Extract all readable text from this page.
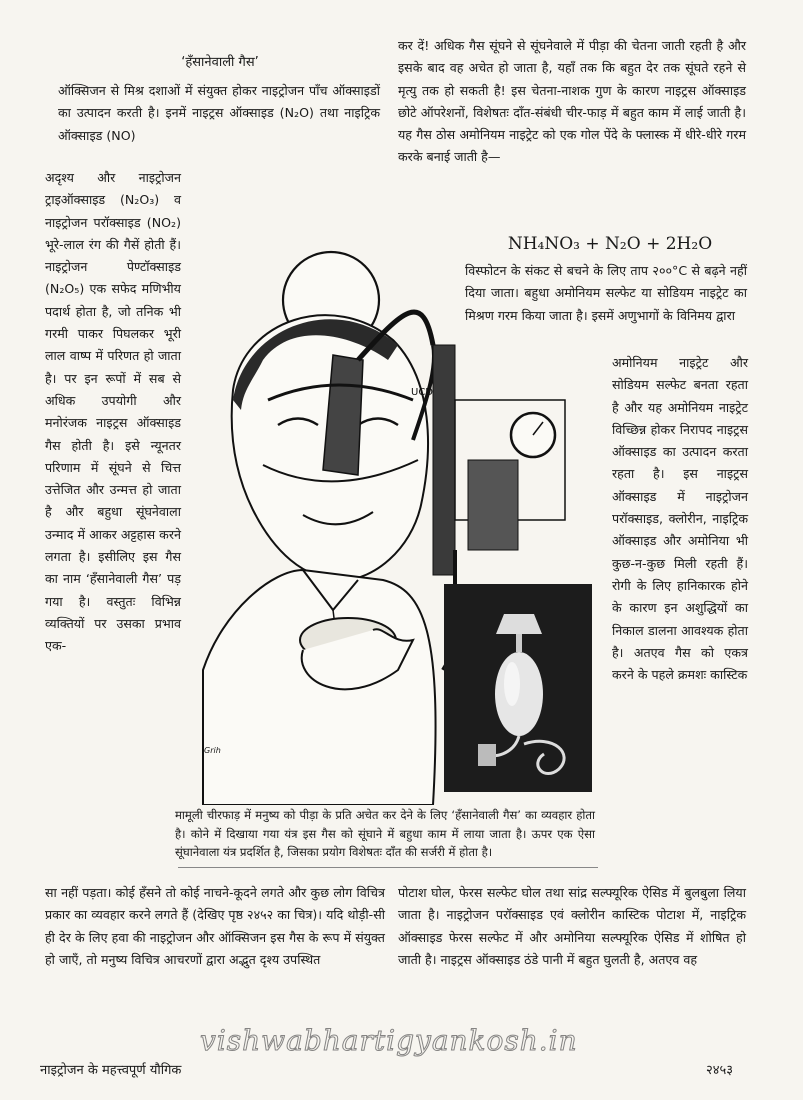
‘हँसानेवाली गैस’

ऑक्सिजन से मिश्र दशाओं में संयुक्त होकर नाइट्रोजन पाँच ऑक्साइडों का उत्पादन करती है। इनमें नाइट्रस ऑक्साइड (N₂O) तथा नाइट्रिक ऑक्साइड (NO)

अदृश्य और नाइट्रोजन ट्राइऑक्साइड (N₂O₃) व नाइट्रोजन परॉक्साइड (NO₂) भूरे-लाल रंग की गैसें होती हैं। नाइट्रोजन पेण्टॉक्साइड (N₂O₅) एक सफेद मणिभीय पदार्थ होता है, जो तनिक भी गरमी पाकर पिघलकर भूरी लाल वाष्प में परिणत हो जाता है। पर इन रूपों में सब से अधिक उपयोगी और मनोरंजक नाइट्रस ऑक्साइड गैस होती है। इसे न्यूनतर परिणाम में सूंघने से चित्त उत्तेजित और उन्मत्त हो जाता है और बहुधा सूंघनेवाला उन्माद में आकर अट्टहास करने लगता है। इसीलिए इस गैस का नाम ‘हँसानेवाली गैस’ पड़ गया है। वस्तुतः विभिन्न व्यक्तियों पर उसका प्रभाव एक-

कर दें! अधिक गैस सूंघने से सूंघनेवाले में पीड़ा की चेतना जाती रहती है और इसके बाद वह अचेत हो जाता है, यहाँ तक कि बहुत देर तक सूंघते रहने से मृत्यु तक हो सकती है! इस चेतना-नाशक गुण के कारण नाइट्रस ऑक्साइड छोटे ऑपरेशनों, विशेषतः दाँत-संबंधी चीर-फाड़ में बहुत काम में लाई जाती है। यह गैस ठोस अमोनियम नाइट्रेट को एक गोल पेंदे के फ्लास्क में धीरे-धीरे गरम करके बनाई जाती है—

NH₄NO₃ + N₂O + 2H₂O

विस्फोटन के संकट से बचने के लिए ताप २००°C से बढ़ने नहीं दिया जाता। बहुधा अमोनियम सल्फेट या सोडियम नाइट्रेट का मिश्रण गरम किया जाता है। इसमें अणुभागों के विनिमय द्वारा

अमोनियम नाइट्रेट और सोडियम सल्फेट बनता रहता है और यह अमोनियम नाइट्रेट विच्छिन्न होकर निरापद नाइट्रस ऑक्साइड का उत्पादन करता रहता है। इस नाइट्रस ऑक्साइड में नाइट्रोजन परॉक्साइड, क्लोरीन, नाइट्रिक ऑक्साइड और अमोनिया भी कुछ-न-कुछ मिली रहती हैं। रोगी के लिए हानिकारक होने के कारण इन अशुद्धियों का निकाल डालना आवश्यक होता है। अतएव गैस को एकत्र करने के पहले क्रमशः कास्टिक

UCD
Grih
मामूली चीरफाड़ में मनुष्य को पीड़ा के प्रति अचेत कर देने के लिए ‘हँसानेवाली गैस’ का व्यवहार होता है। कोने में दिखाया गया यंत्र इस गैस को सूंघाने में बहुधा काम में लाया जाता है। ऊपर एक ऐसा सूंघानेवाला यंत्र प्रदर्शित है, जिसका प्रयोग विशेषतः दाँत की सर्जरी में होता है।

सा नहीं पड़ता। कोई हँसने तो कोई नाचने-कूदने लगते और कुछ लोग विचित्र प्रकार का व्यवहार करने लगते हैं (देखिए पृष्ठ २४५२ का चित्र)। यदि थोड़ी-सी ही देर के लिए हवा की नाइट्रोजन और ऑक्सिजन इस गैस के रूप में संयुक्त हो जाएँ, तो मनुष्य विचित्र आचरणों द्वारा अद्भुत दृश्य उपस्थित

पोटाश घोल, फेरस सल्फेट घोल तथा सांद्र सल्फ्यूरिक ऐसिड में बुलबुला लिया जाता है। नाइट्रोजन परॉक्साइड एवं क्लोरीन कास्टिक पोटाश में, नाइट्रिक ऑक्साइड फेरस सल्फेट में और अमोनिया सल्फ्यूरिक ऐसिड में शोषित हो जाती है। नाइट्रस ऑक्साइड ठंडे पानी में बहुत घुलती है, अतएव वह

vishwabhartigyankosh.in
नाइट्रोजन के महत्त्वपूर्ण यौगिक	२४५३
